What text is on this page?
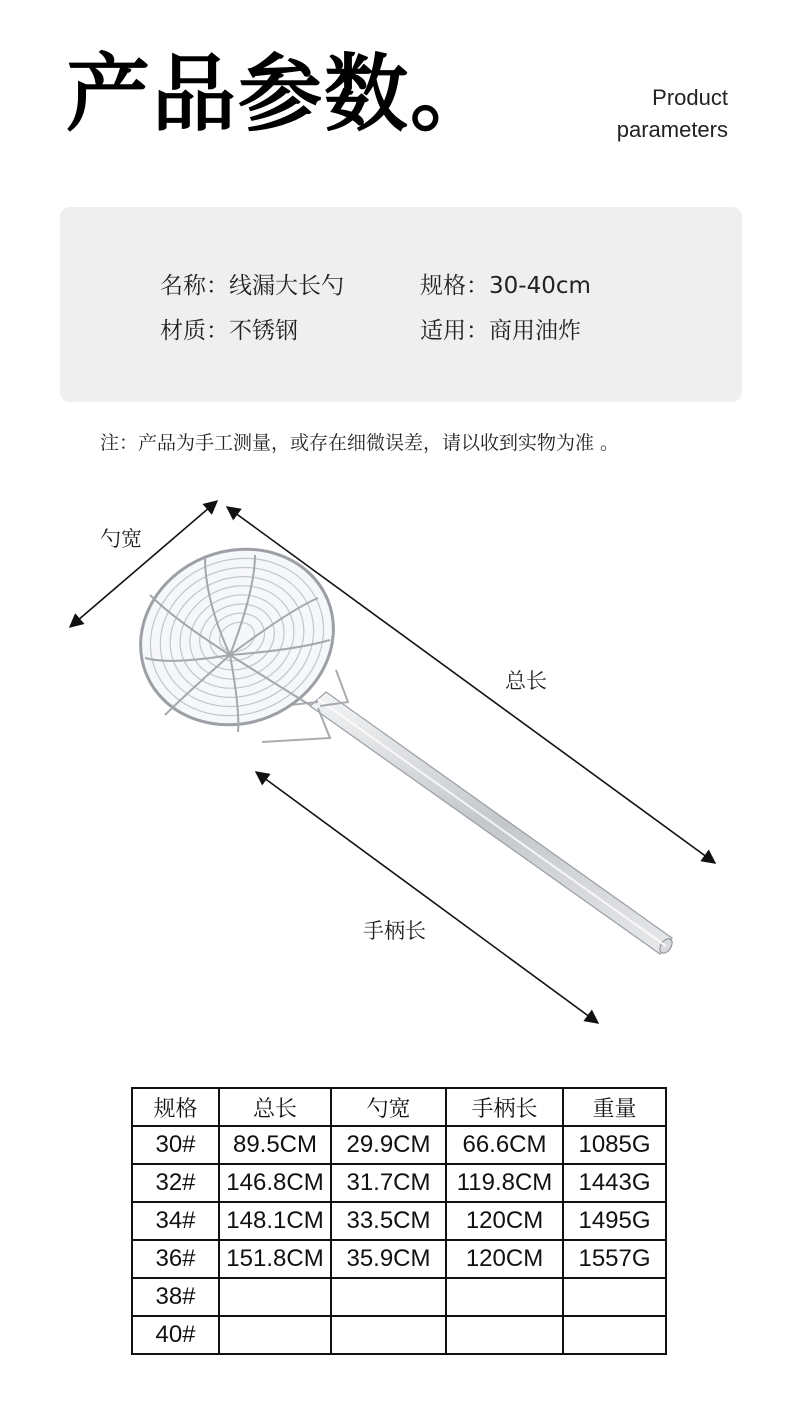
产品参数。	Product
parameters
名称：线漏大长勺	规格：30-40cm
材质：不锈钢	适用：商用油炸
注：产品为手工测量，或存在细微误差，请以收到实物为准 。
勺宽
总长
手柄长
规格	总长	勺宽	手柄长	重量
30#	89.5CM	29.9CM	66.6CM	1085G
32#	146.8CM	31.7CM	119.8CM	1443G
34#	148.1CM	33.5CM	120CM	1495G
36#	151.8CM	35.9CM	120CM	1557G
38#				
40#				
